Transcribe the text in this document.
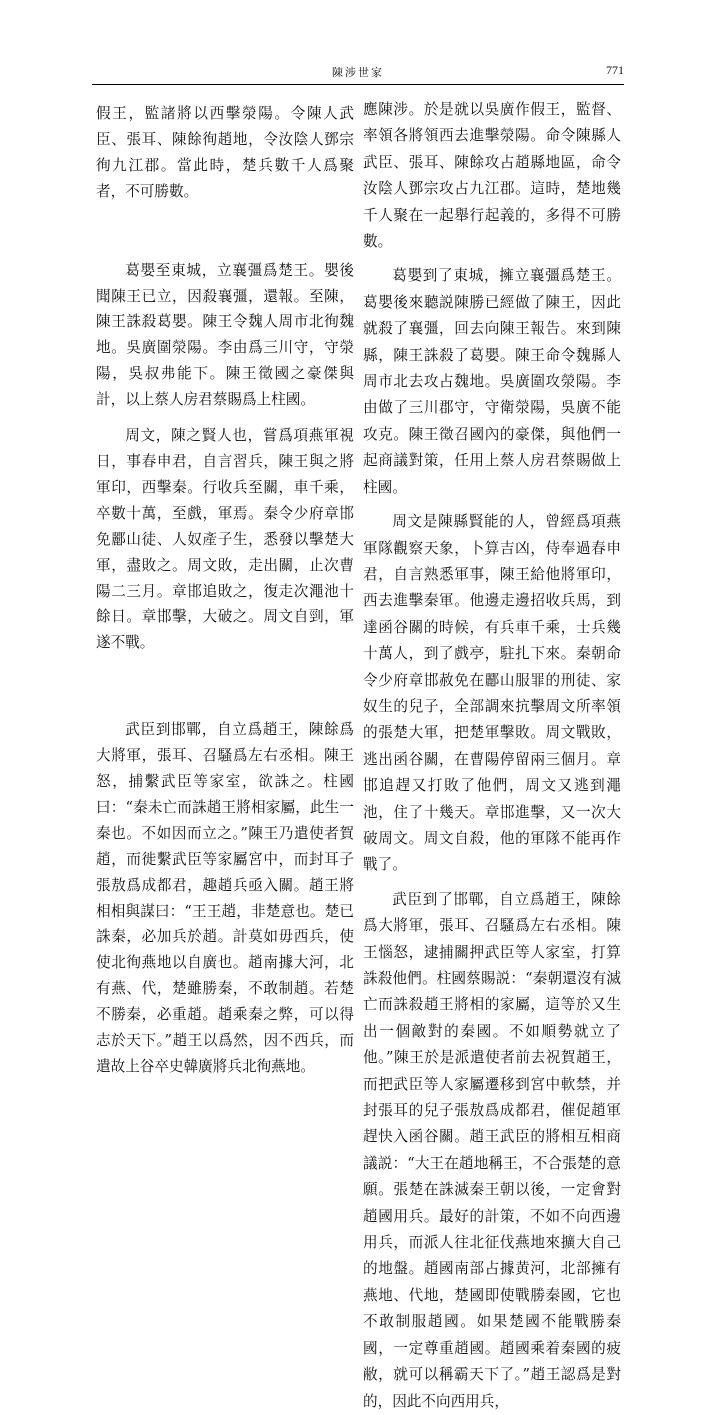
陳涉世家	771

假王，監諸將以西擊滎陽。令陳人武臣、張耳、陳餘徇趙地，令汝陰人鄧宗徇九江郡。當此時，楚兵數千人爲聚者，不可勝數。

葛嬰至東城，立襄彊爲楚王。嬰後聞陳王已立，因殺襄彊，還報。至陳，陳王誅殺葛嬰。陳王令魏人周市北徇魏地。吳廣圍滎陽。李由爲三川守，守滎陽，吳叔弗能下。陳王徵國之豪傑與計，以上蔡人房君蔡賜爲上柱國。

周文，陳之賢人也，嘗爲項燕軍視日，事春申君，自言習兵，陳王與之將軍印，西擊秦。行收兵至關，車千乘，卒數十萬，至戲，軍焉。秦令少府章邯免酈山徒、人奴產子生，悉發以擊楚大軍，盡敗之。周文敗，走出關，止次曹陽二三月。章邯追敗之，復走次澠池十餘日。章邯擊，大破之。周文自剄，軍遂不戰。

武臣到邯鄲，自立爲趙王，陳餘爲大將軍，張耳、召騷爲左右丞相。陳王怒，捕繫武臣等家室，欲誅之。柱國曰：“秦未亡而誅趙王將相家屬，此生一秦也。不如因而立之。”陳王乃遣使者賀趙，而徙繫武臣等家屬宮中，而封耳子張敖爲成都君，趣趙兵亟入關。趙王將相相與謀曰：“王王趙，非楚意也。楚已誅秦，必加兵於趙。計莫如毋西兵，使使北徇燕地以自廣也。趙南據大河，北有燕、代，楚雖勝秦，不敢制趙。若楚不勝秦，必重趙。趙乘秦之弊，可以得志於天下。”趙王以爲然，因不西兵，而遣故上谷卒史韓廣將兵北徇燕地。

應陳涉。於是就以吳廣作假王，監督、率領各將領西去進擊滎陽。命令陳縣人武臣、張耳、陳餘攻占趙縣地區，命令汝陰人鄧宗攻占九江郡。這時，楚地幾千人聚在一起舉行起義的，多得不可勝數。

葛嬰到了東城，擁立襄彊爲楚王。葛嬰後來聽説陳勝已經做了陳王，因此就殺了襄彊，回去向陳王報告。來到陳縣，陳王誅殺了葛嬰。陳王命令魏縣人周市北去攻占魏地。吳廣圍攻滎陽。李由做了三川郡守，守衛滎陽，吳廣不能攻克。陳王徵召國內的豪傑，與他們一起商議對策，任用上蔡人房君蔡賜做上柱國。

周文是陳縣賢能的人，曾經爲項燕軍隊觀察天象，卜算吉凶，侍奉過春申君，自言熟悉軍事，陳王給他將軍印，西去進擊秦軍。他邊走邊招收兵馬，到達函谷關的時候，有兵車千乘，士兵幾十萬人，到了戲亭，駐扎下來。秦朝命令少府章邯赦免在酈山服罪的刑徒、家奴生的兒子，全部調來抗擊周文所率領的張楚大軍，把楚軍擊敗。周文戰敗，逃出函谷關，在曹陽停留兩三個月。章邯追趕又打敗了他們，周文又逃到澠池，住了十幾天。章邯進擊，又一次大破周文。周文自殺，他的軍隊不能再作戰了。

武臣到了邯鄲，自立爲趙王，陳餘爲大將軍，張耳、召騷爲左右丞相。陳王惱怒，逮捕關押武臣等人家室，打算誅殺他們。柱國蔡賜説：“秦朝還沒有滅亡而誅殺趙王將相的家屬，這等於又生出一個敵對的秦國。不如順勢就立了他。”陳王於是派遣使者前去祝賀趙王，而把武臣等人家屬遷移到宮中軟禁，并封張耳的兒子張敖爲成都君，催促趙軍趕快入函谷關。趙王武臣的將相互相商議説：“大王在趙地稱王，不合張楚的意願。張楚在誅滅秦王朝以後，一定會對趙國用兵。最好的計策，不如不向西邊用兵，而派人往北征伐燕地來擴大自己的地盤。趙國南部占據黄河，北部擁有燕地、代地，楚國即使戰勝秦國，它也不敢制服趙國。如果楚國不能戰勝秦國，一定尊重趙國。趙國乘着秦國的疲敝，就可以稱霸天下了。”趙王認爲是對的，因此不向西用兵，
